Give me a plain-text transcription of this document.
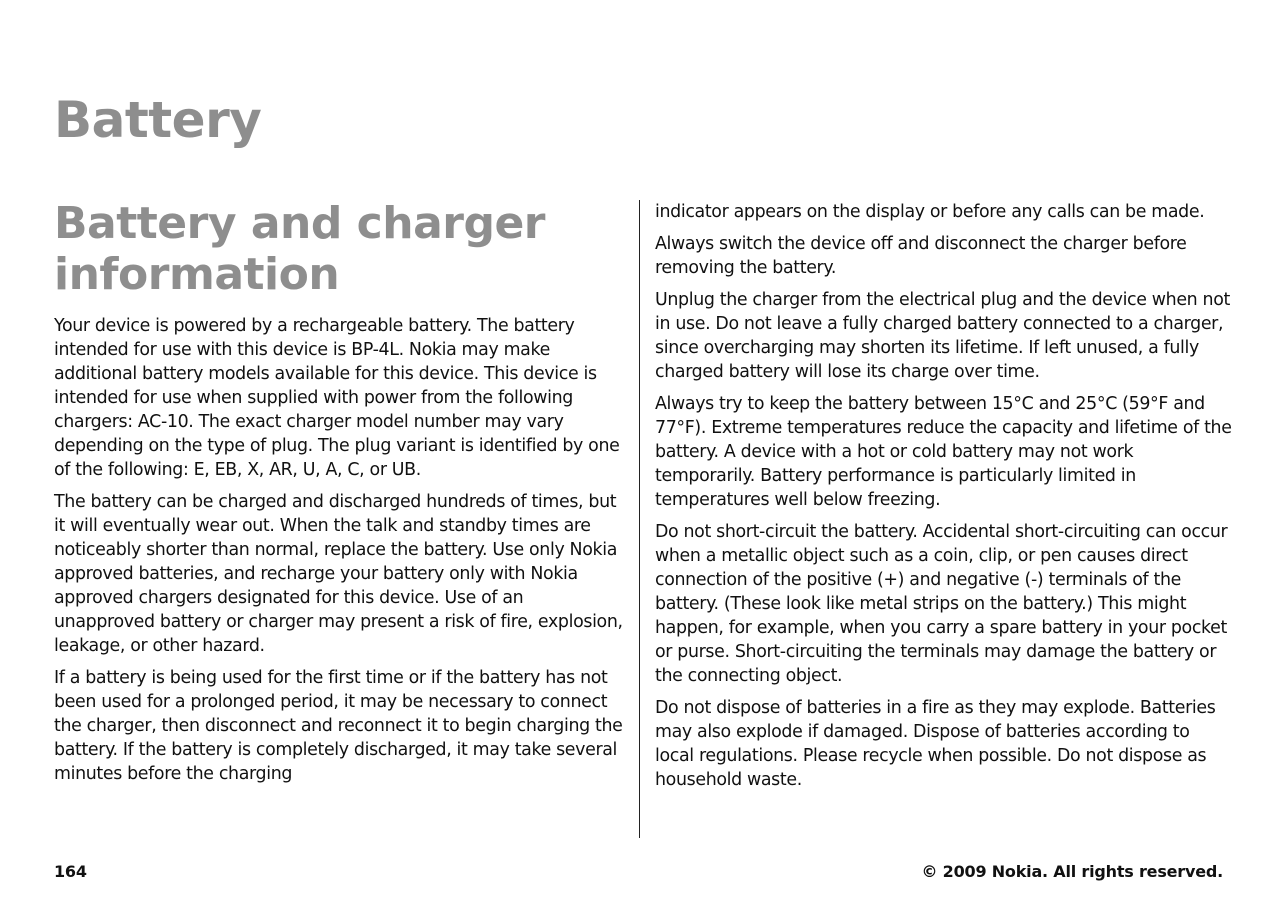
Battery
Battery and charger information

Your device is powered by a rechargeable battery. The battery intended for use with this device is BP-4L. Nokia may make additional battery models available for this device. This device is intended for use when supplied with power from the following chargers: AC-10. The exact charger model number may vary depending on the type of plug. The plug variant is identified by one of the following: E, EB, X, AR, U, A, C, or UB.

The battery can be charged and discharged hundreds of times, but it will eventually wear out. When the talk and standby times are noticeably shorter than normal, replace the battery. Use only Nokia approved batteries, and recharge your battery only with Nokia approved chargers designated for this device. Use of an unapproved battery or charger may present a risk of fire, explosion, leakage, or other hazard.

If a battery is being used for the first time or if the battery has not been used for a prolonged period, it may be necessary to connect the charger, then disconnect and reconnect it to begin charging the battery. If the battery is completely discharged, it may take several minutes before the charging

indicator appears on the display or before any calls can be made.

Always switch the device off and disconnect the charger before removing the battery.

Unplug the charger from the electrical plug and the device when not in use. Do not leave a fully charged battery connected to a charger, since overcharging may shorten its lifetime. If left unused, a fully charged battery will lose its charge over time.

Always try to keep the battery between 15°C and 25°C (59°F and 77°F). Extreme temperatures reduce the capacity and lifetime of the battery. A device with a hot or cold battery may not work temporarily. Battery performance is particularly limited in temperatures well below freezing.

Do not short-circuit the battery. Accidental short-circuiting can occur when a metallic object such as a coin, clip, or pen causes direct connection of the positive (+) and negative (-) terminals of the battery. (These look like metal strips on the battery.) This might happen, for example, when you carry a spare battery in your pocket or purse. Short-circuiting the terminals may damage the battery or the connecting object.

Do not dispose of batteries in a fire as they may explode. Batteries may also explode if damaged. Dispose of batteries according to local regulations. Please recycle when possible. Do not dispose as household waste.

164	© 2009 Nokia. All rights reserved.
